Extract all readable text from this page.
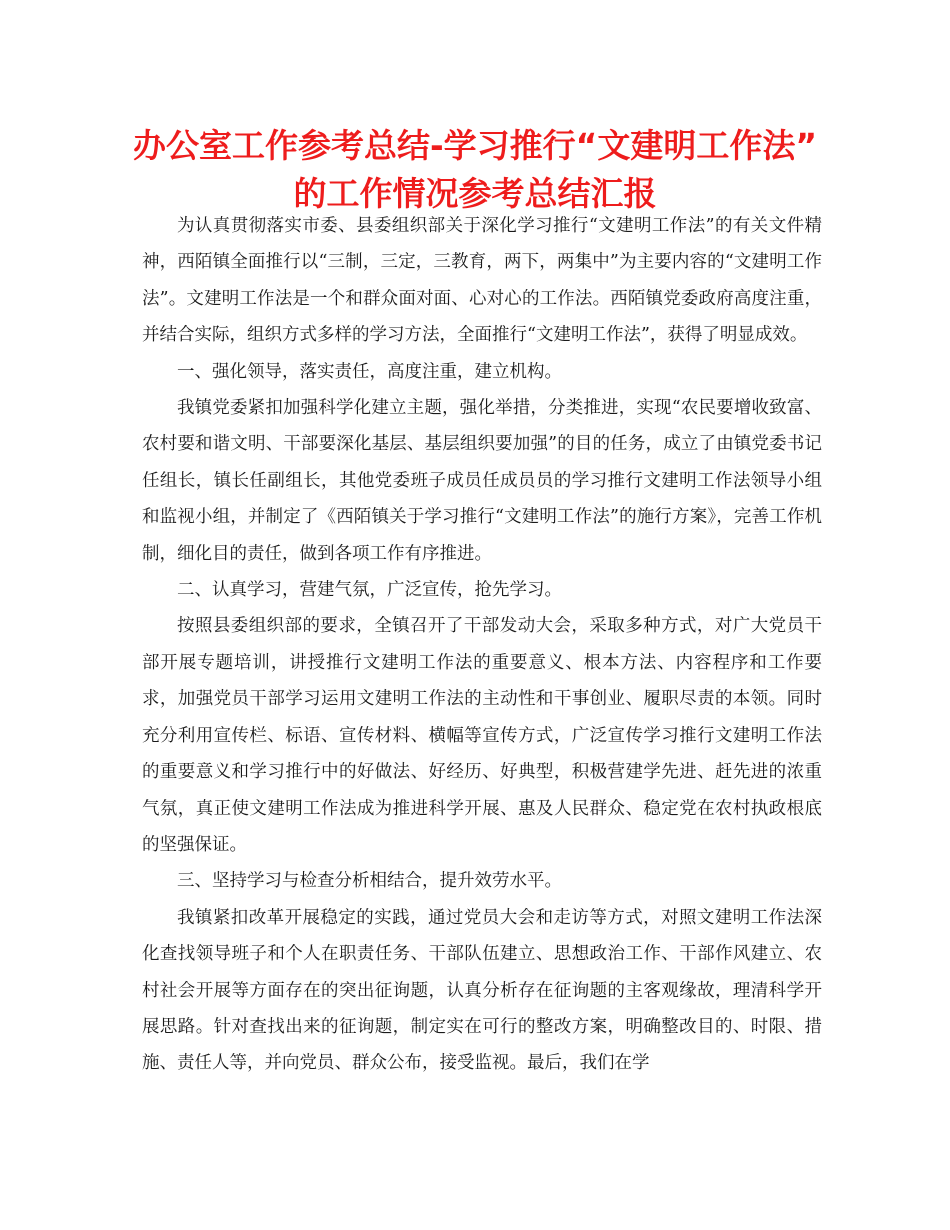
办公室工作参考总结-学习推行“文建明工作法”
的工作情况参考总结汇报

为认真贯彻落实市委、县委组织部关于深化学习推行“文建明工作法”的有关文件精神，西陌镇全面推行以“三制，三定，三教育，两下，两集中”为主要内容的“文建明工作法”。文建明工作法是一个和群众面对面、心对心的工作法。西陌镇党委政府高度注重，并结合实际，组织方式多样的学习方法，全面推行“文建明工作法”，获得了明显成效。

一、强化领导，落实责任，高度注重，建立机构。

我镇党委紧扣加强科学化建立主题，强化举措，分类推进，实现“农民要增收致富、农村要和谐文明、干部要深化基层、基层组织要加强”的目的任务，成立了由镇党委书记任组长，镇长任副组长，其他党委班子成员任成员员的学习推行文建明工作法领导小组和监视小组，并制定了《西陌镇关于学习推行“文建明工作法”的施行方案》，完善工作机制，细化目的责任，做到各项工作有序推进。

二、认真学习，营建气氛，广泛宣传，抢先学习。

按照县委组织部的要求，全镇召开了干部发动大会，采取多种方式，对广大党员干部开展专题培训，讲授推行文建明工作法的重要意义、根本方法、内容程序和工作要求，加强党员干部学习运用文建明工作法的主动性和干事创业、履职尽责的本领。同时充分利用宣传栏、标语、宣传材料、横幅等宣传方式，广泛宣传学习推行文建明工作法的重要意义和学习推行中的好做法、好经历、好典型，积极营建学先进、赶先进的浓重气氛，真正使文建明工作法成为推进科学开展、惠及人民群众、稳定党在农村执政根底的坚强保证。

三、坚持学习与检查分析相结合，提升效劳水平。

我镇紧扣改革开展稳定的实践，通过党员大会和走访等方式，对照文建明工作法深化查找领导班子和个人在职责任务、干部队伍建立、思想政治工作、干部作风建立、农村社会开展等方面存在的突出征询题，认真分析存在征询题的主客观缘故，理清科学开展思路。针对查找出来的征询题，制定实在可行的整改方案，明确整改目的、时限、措施、责任人等，并向党员、群众公布，接受监视。最后，我们在学
